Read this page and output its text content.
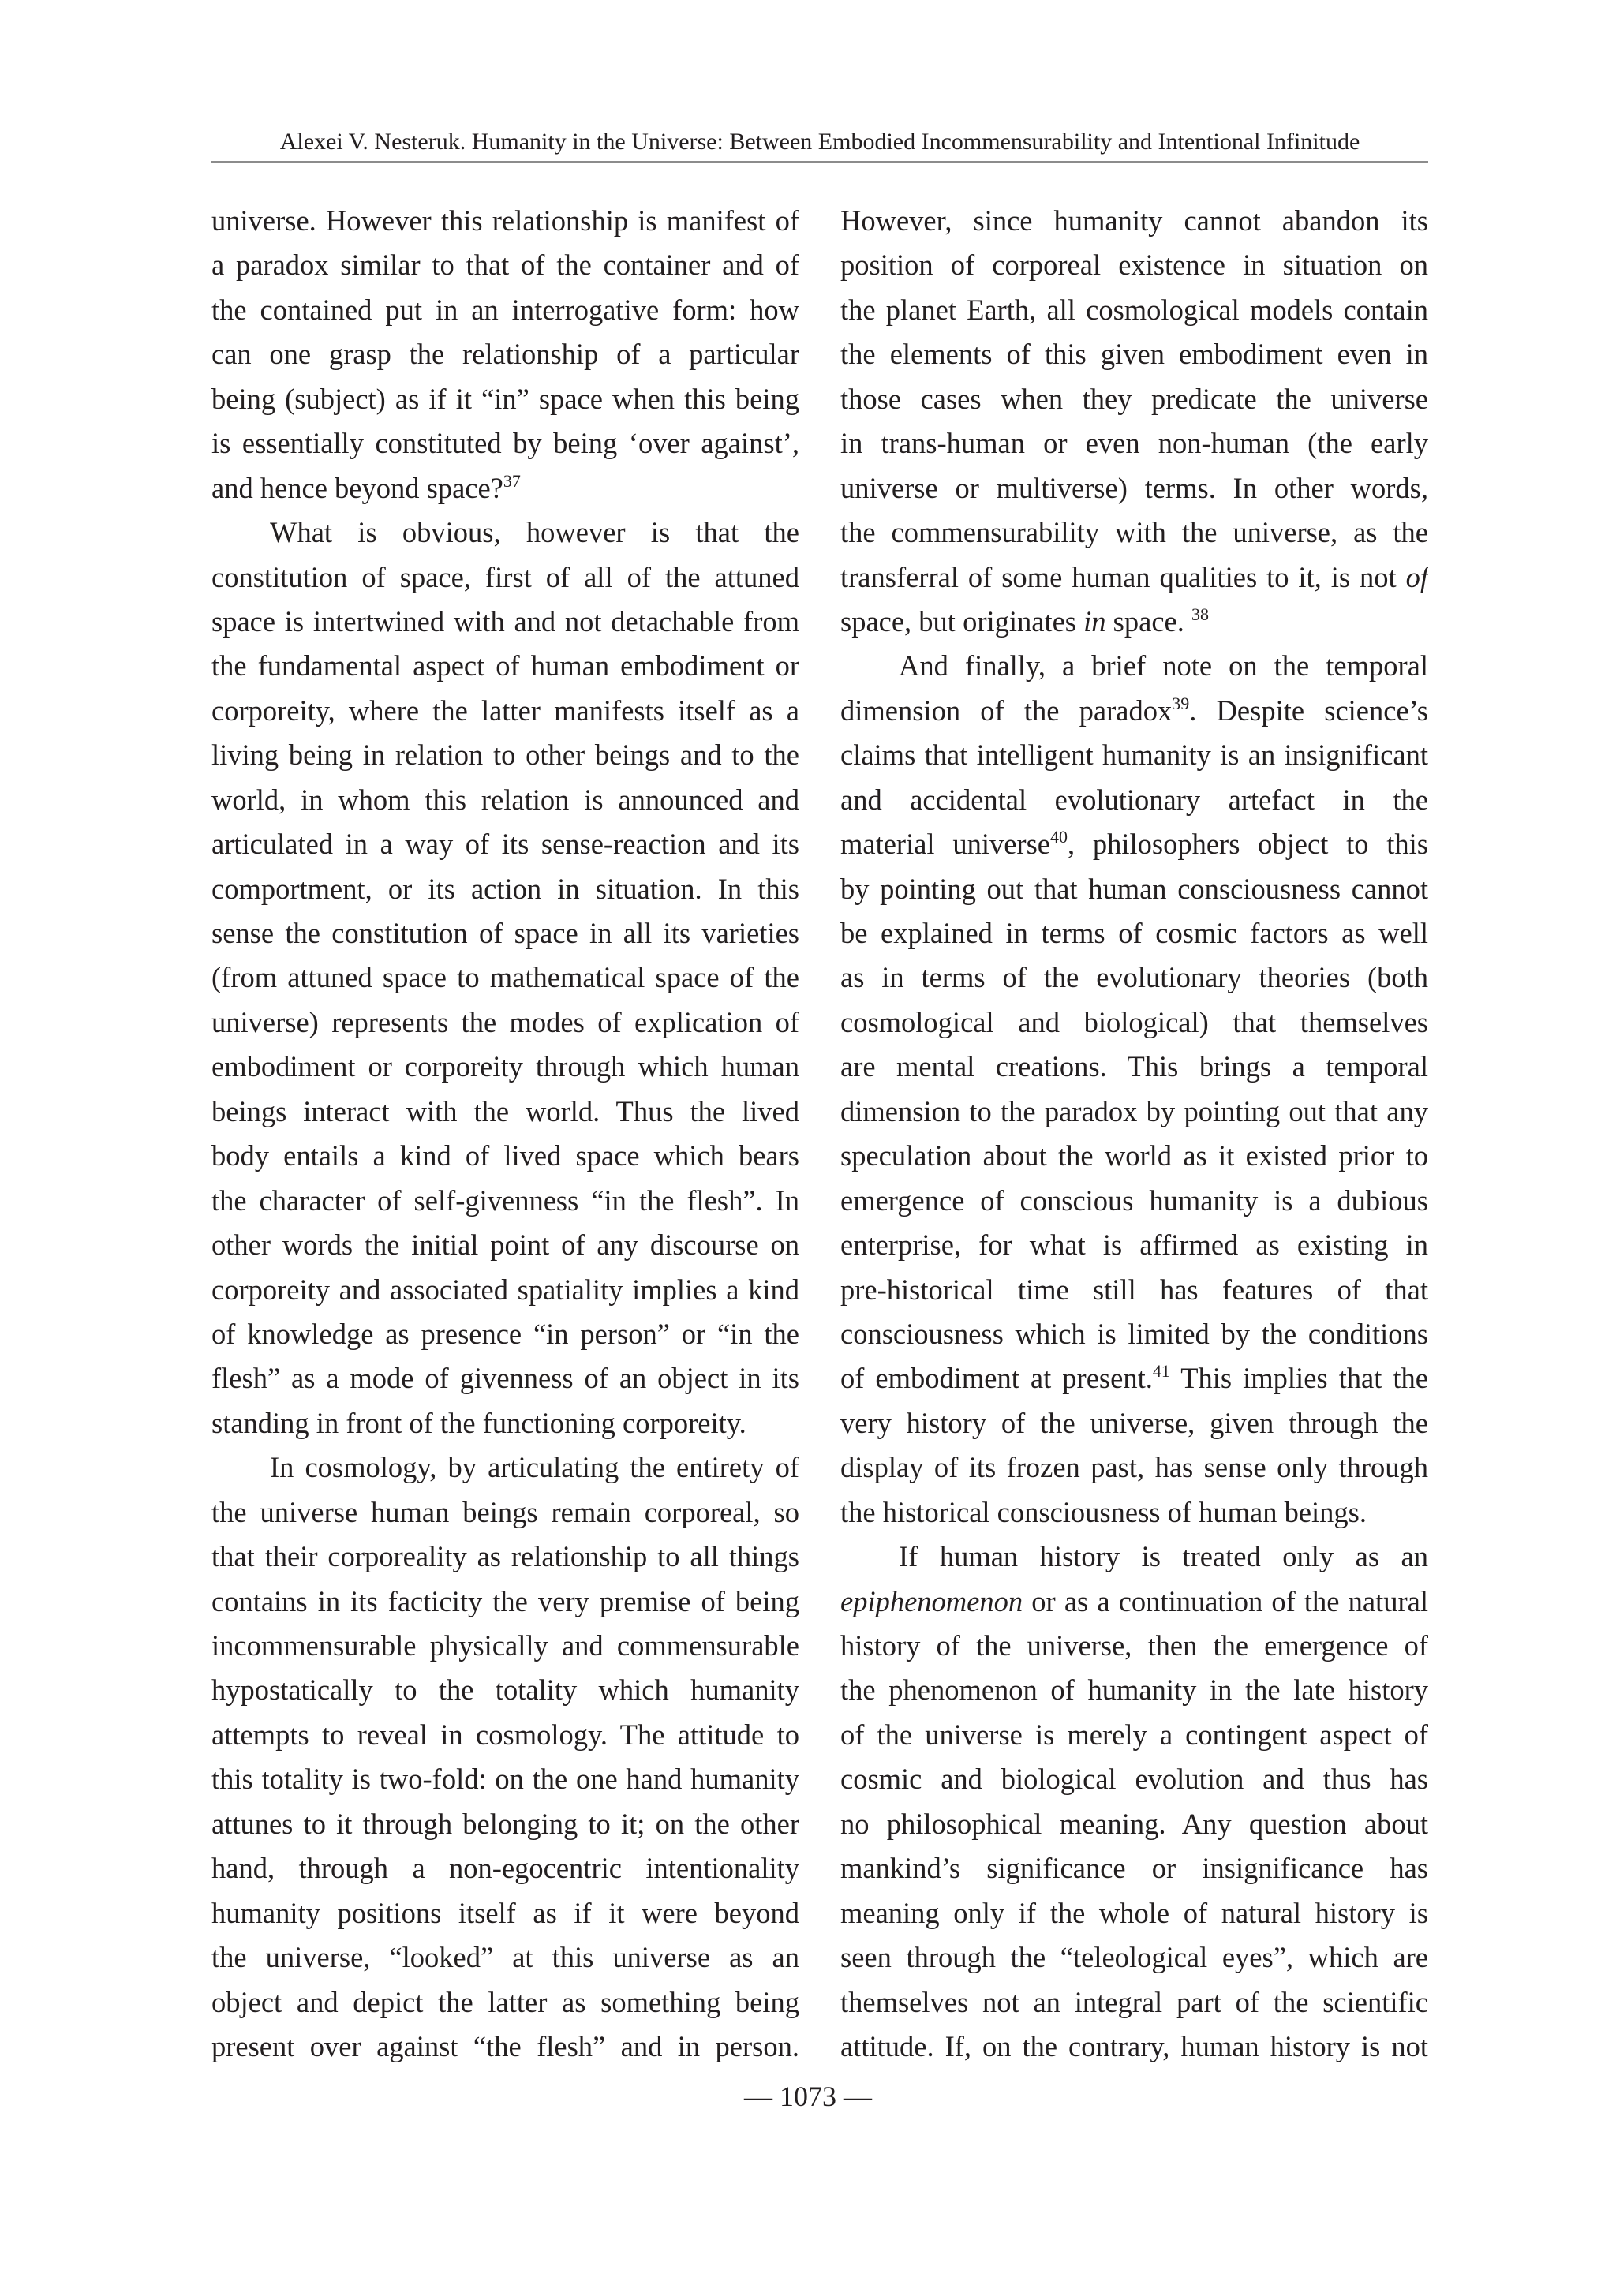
Alexei V. Nesteruk. Humanity in the Universe: Between Embodied Incommensurability and Intentional Infinitude
universe. However this relationship is manifest of
a paradox similar to that of the container and of
the contained put in an interrogative form: how
can one grasp the relationship of a particular
being (subject) as if it “in” space when this being
is essentially constituted by being ‘over against’,
and hence beyond space?$^{37}$
What is obvious, however is that the
constitution of space, first of all of the attuned
space is intertwined with and not detachable from
the fundamental aspect of human embodiment or
corporeity, where the latter manifests itself as a
living being in relation to other beings and to the
world, in whom this relation is announced and
articulated in a way of its sense-reaction and its
comportment, or its action in situation. In this
sense the constitution of space in all its varieties
(from attuned space to mathematical space of the
universe) represents the modes of explication of
embodiment or corporeity through which human
beings interact with the world. Thus the lived
body entails a kind of lived space which bears
the character of self-givenness “in the flesh”. In
other words the initial point of any discourse on
corporeity and associated spatiality implies a kind
of knowledge as presence “in person” or “in the
flesh” as a mode of givenness of an object in its
standing in front of the functioning corporeity.
In cosmology, by articulating the entirety of
the universe human beings remain corporeal, so
that their corporeality as relationship to all things
contains in its facticity the very premise of being
incommensurable physically and commensurable
hypostatically to the totality which humanity
attempts to reveal in cosmology. The attitude to
this totality is two-fold: on the one hand humanity
attunes to it through belonging to it; on the other
hand, through a non-egocentric intentionality
humanity positions itself as if it were beyond
the universe, “looked” at this universe as an
object and depict the latter as something being
present over against “the flesh” and in person.
However, since humanity cannot abandon its
position of corporeal existence in situation on
the planet Earth, all cosmological models contain
the elements of this given embodiment even in
those cases when they predicate the universe
in trans-human or even non-human (the early
universe or multiverse) terms. In other words,
the commensurability with the universe, as the
transferral of some human qualities to it, is not of
space, but originates in space. $^{38}$
And finally, a brief note on the temporal
dimension of the paradox$^{39}$. Despite science’s
claims that intelligent humanity is an insignificant
and accidental evolutionary artefact in the
material universe$^{40}$, philosophers object to this
by pointing out that human consciousness cannot
be explained in terms of cosmic factors as well
as in terms of the evolutionary theories (both
cosmological and biological) that themselves
are mental creations. This brings a temporal
dimension to the paradox by pointing out that any
speculation about the world as it existed prior to
emergence of conscious humanity is a dubious
enterprise, for what is affirmed as existing in
pre-historical time still has features of that
consciousness which is limited by the conditions
of embodiment at present.$^{41}$ This implies that the
very history of the universe, given through the
display of its frozen past, has sense only through
the historical consciousness of human beings.
If human history is treated only as an
epiphenomenon or as a continuation of the natural
history of the universe, then the emergence of
the phenomenon of humanity in the late history
of the universe is merely a contingent aspect of
cosmic and biological evolution and thus has
no philosophical meaning. Any question about
mankind’s significance or insignificance has
meaning only if the whole of natural history is
seen through the “teleological eyes”, which are
themselves not an integral part of the scientific
attitude. If, on the contrary, human history is not
— 1073 —
